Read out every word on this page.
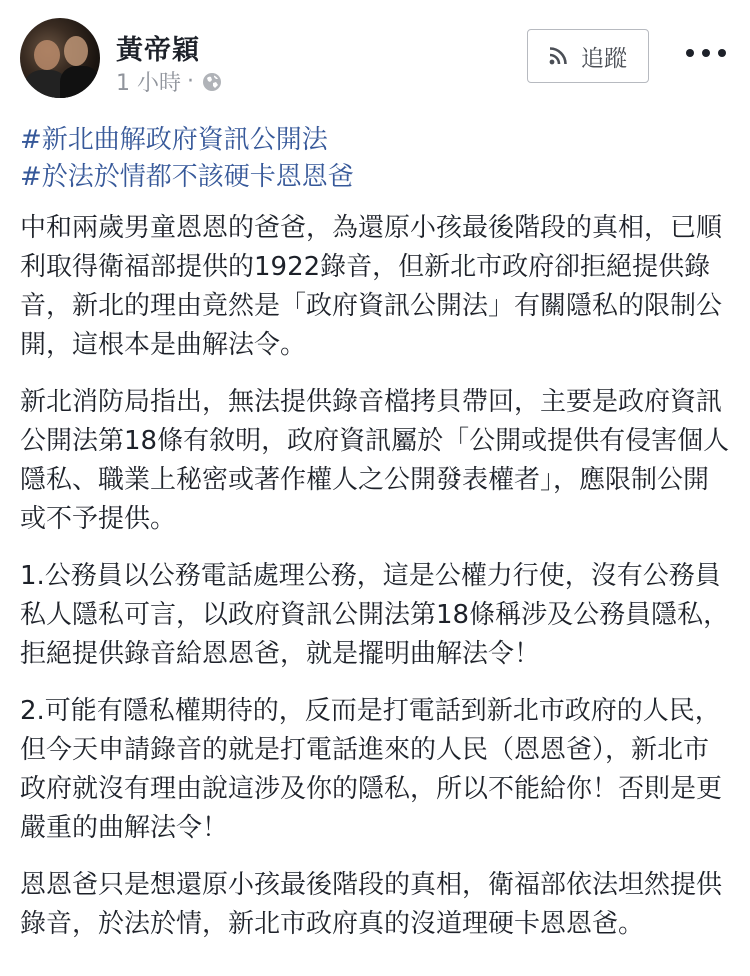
黃帝穎
1 小時 ·
追蹤
#新北曲解政府資訊公開法
#於法於情都不該硬卡恩恩爸

中和兩歲男童恩恩的爸爸，為還原小孩最後階段的真相，已順利取得衛福部提供的1922錄音，但新北市政府卻拒絕提供錄音，新北的理由竟然是「政府資訊公開法」有關隱私的限制公開，這根本是曲解法令。

新北消防局指出，無法提供錄音檔拷貝帶回，主要是政府資訊公開法第18條有敘明，政府資訊屬於「公開或提供有侵害個人隱私、職業上秘密或著作權人之公開發表權者」，應限制公開或不予提供。

1.公務員以公務電話處理公務，這是公權力行使，沒有公務員私人隱私可言，以政府資訊公開法第18條稱涉及公務員隱私，拒絕提供錄音給恩恩爸，就是擺明曲解法令！

2.可能有隱私權期待的，反而是打電話到新北市政府的人民，但今天申請錄音的就是打電話進來的人民（恩恩爸），新北市政府就沒有理由說這涉及你的隱私，所以不能給你！否則是更嚴重的曲解法令！

恩恩爸只是想還原小孩最後階段的真相，衛福部依法坦然提供錄音，於法於情，新北市政府真的沒道理硬卡恩恩爸。
